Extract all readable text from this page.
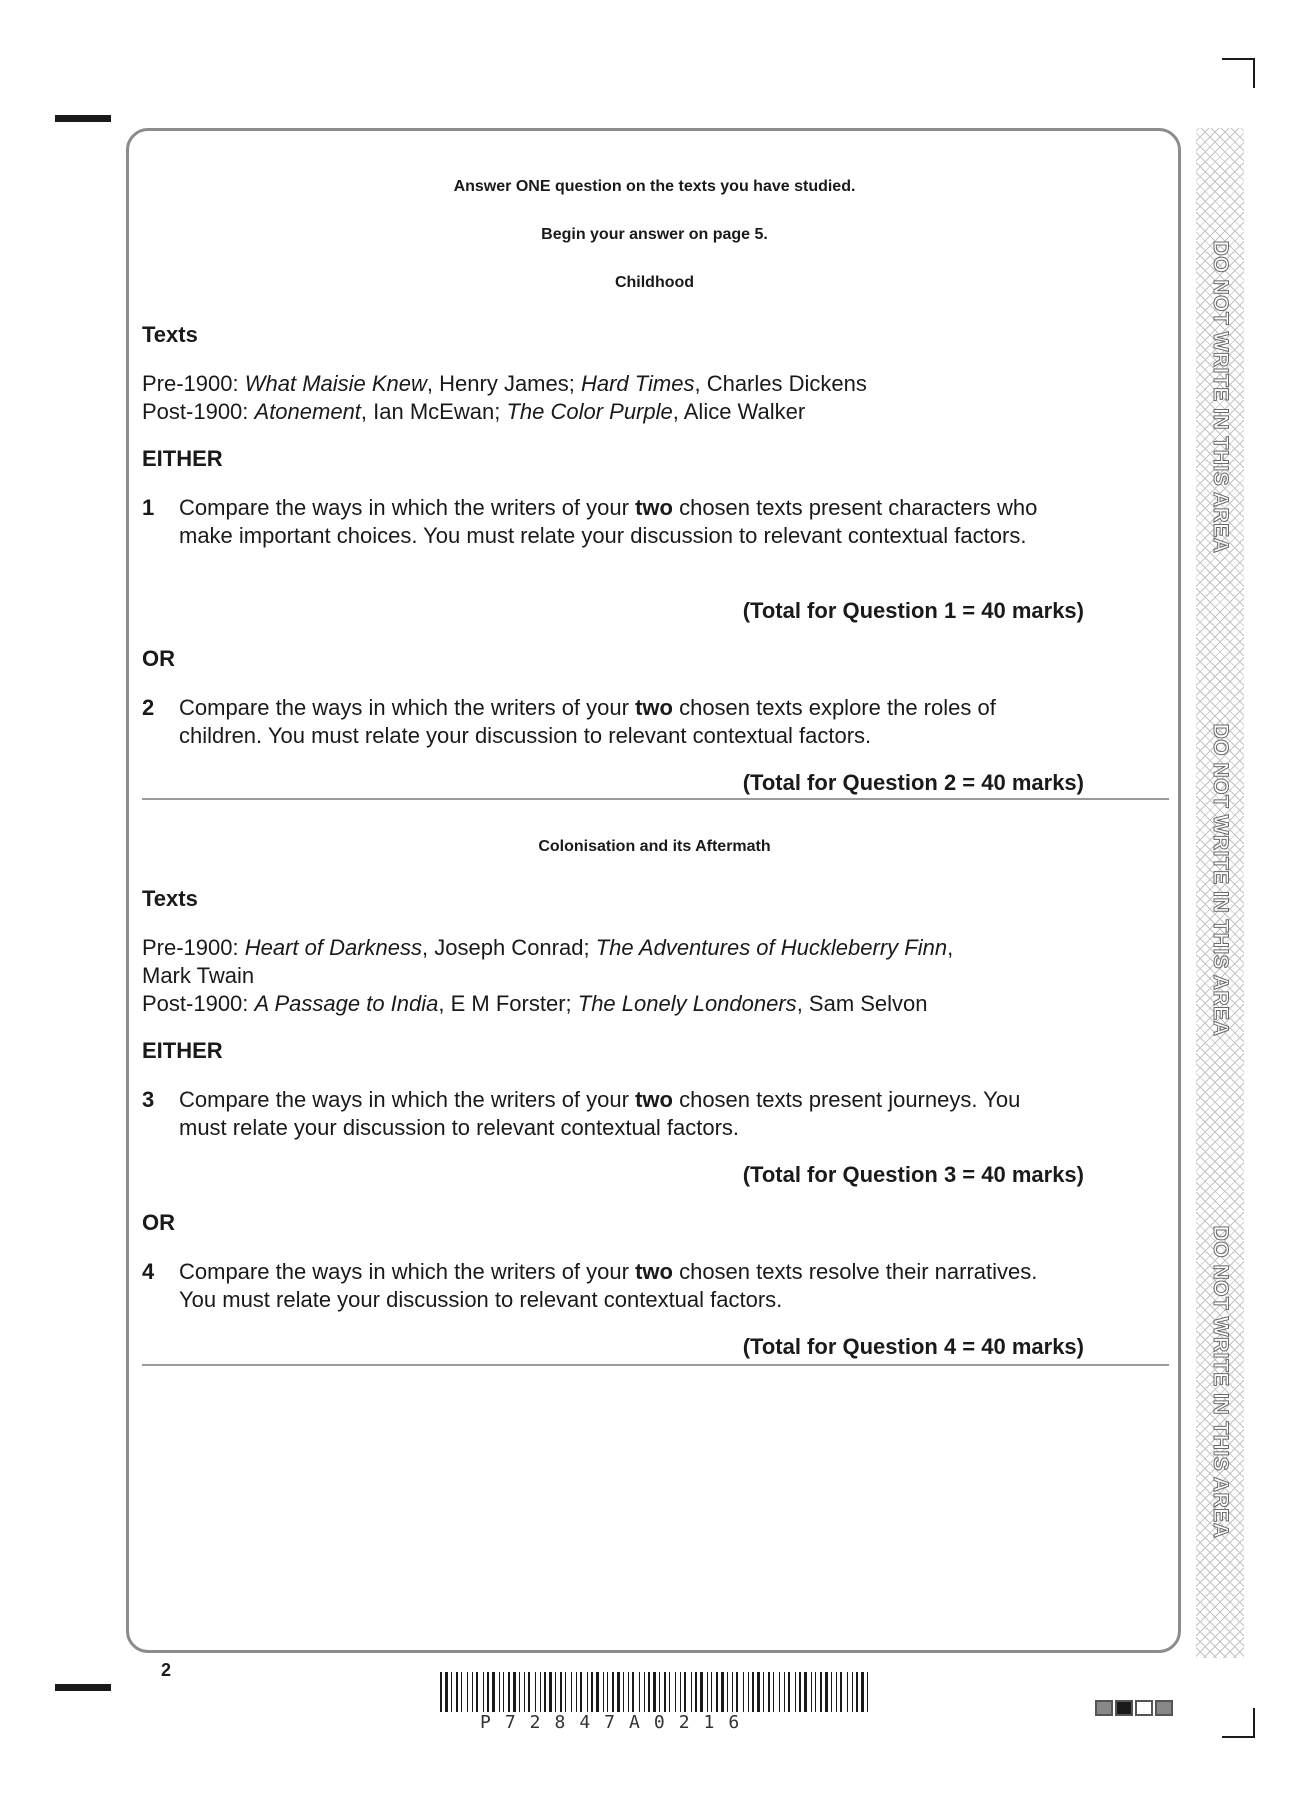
DO NOT WRITE IN THIS AREA
DO NOT WRITE IN THIS AREA
DO NOT WRITE IN THIS AREA
Answer ONE question on the texts you have studied.
Begin your answer on page 5.
Childhood
Texts
Pre-1900: What Maisie Knew, Henry James; Hard Times, Charles Dickens
Post-1900: Atonement, Ian McEwan; The Color Purple, Alice Walker
EITHER
1 Compare the ways in which the writers of your two chosen texts present characters who make important choices. You must relate your discussion to relevant contextual factors.
(Total for Question 1 = 40 marks)
OR
2 Compare the ways in which the writers of your two chosen texts explore the roles of children. You must relate your discussion to relevant contextual factors.
(Total for Question 2 = 40 marks)
Colonisation and its Aftermath
Texts
Pre-1900: Heart of Darkness, Joseph Conrad; The Adventures of Huckleberry Finn,
Mark Twain
Post-1900: A Passage to India, E M Forster; The Lonely Londoners, Sam Selvon
EITHER
3 Compare the ways in which the writers of your two chosen texts present journeys. You must relate your discussion to relevant contextual factors.
(Total for Question 3 = 40 marks)
OR
4 Compare the ways in which the writers of your two chosen texts resolve their narratives. You must relate your discussion to relevant contextual factors.
(Total for Question 4 = 40 marks)
2
P72847A0216
